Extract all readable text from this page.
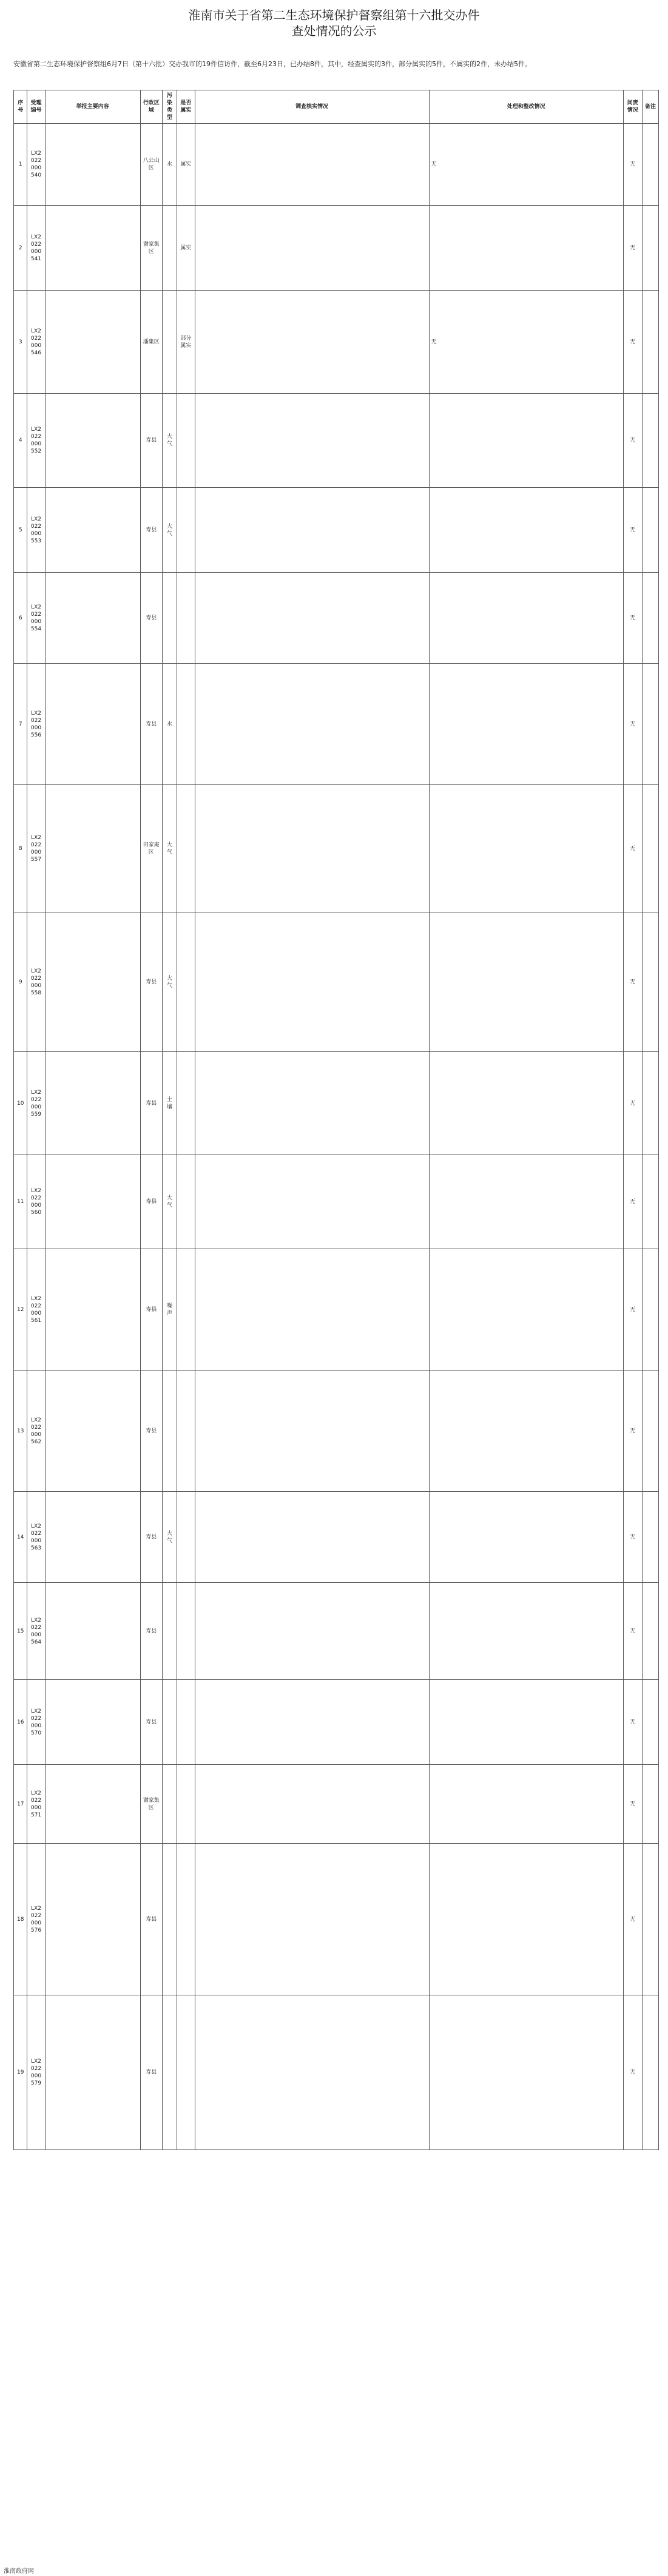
淮南市关于省第二生态环境保护督察组第十六批交办件
查处情况的公示
安徽省第二生态环境保护督察组6月7日（第十六批）交办我市的19件信访件，截至6月23日，已办结8件，其中，经查属实的3件，部分属实的5件，不属实的2件，未办结5件。
序号	受理编号	举报主要内容	行政区域	污染类型	是否属实	调查核实情况	处理和整改情况	问责情况	备注
1	LX2022000540		八公山区	水	属实		无	无	
2	LX2022000541		谢家集区		属实			无	
3	LX2022000546		潘集区		部分属实		无	无	
4	LX2022000552		寿县	大气				无	
5	LX2022000553		寿县	大气				无	
6	LX2022000554		寿县					无	
7	LX2022000556		寿县	水				无	
8	LX2022000557		田家庵区	大气				无	
9	LX2022000558		寿县	大气				无	
10	LX2022000559		寿县	土壤				无	
11	LX2022000560		寿县	大气				无	
12	LX2022000561		寿县	噪声				无	
13	LX2022000562		寿县					无	
14	LX2022000563		寿县	大气				无	
15	LX2022000564		寿县					无	
16	LX2022000570		寿县					无	
17	LX2022000571		谢家集区					无	
18	LX2022000576		寿县					无	
19	LX2022000579		寿县					无	
淮南政府网
